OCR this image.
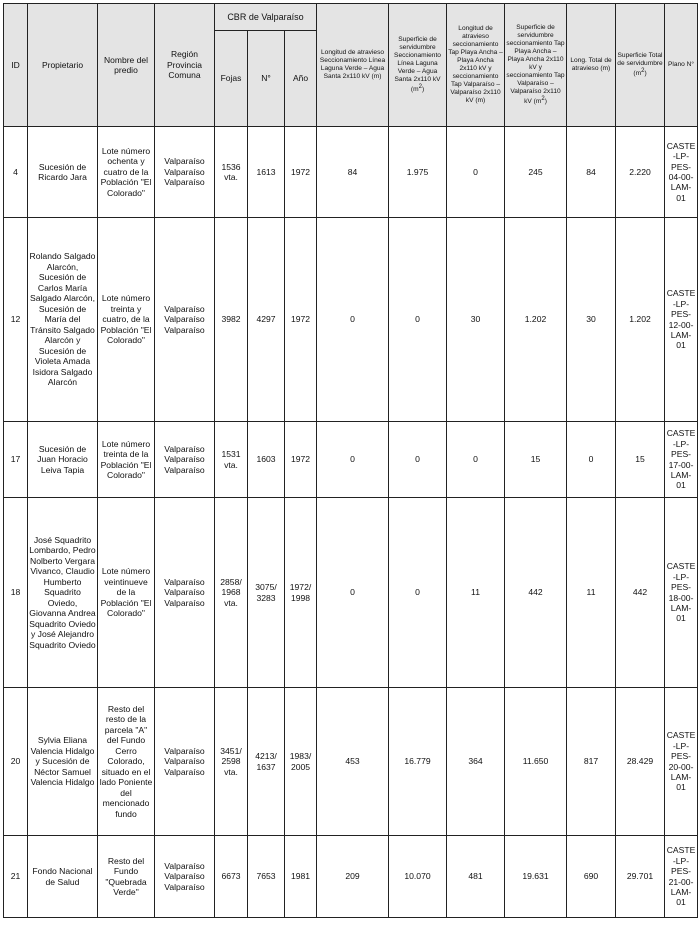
ID	Propietario	Nombre del predio	Región Provincia Comuna	CBR de Valparaíso			Longitud de atravieso Seccionamiento Línea Laguna Verde – Agua Santa 2x110 kV (m)	Superficie de servidumbre Seccionamiento Línea Laguna Verde – Agua Santa 2x110 kV (m2)	Longitud de atravieso seccionamiento Tap Playa Ancha – Playa Ancha 2x110 kV y seccionamiento Tap Valparaíso – Valparaíso 2x110 kV (m)	Superficie de servidumbre seccionamiento Tap Playa Ancha – Playa Ancha 2x110 kV y seccionamiento Tap Valparaíso – Valparaíso 2x110 kV (m2)	Long. Total de atravieso (m)	Superficie Total de servidumbre (m2)	Plano N°
				Fojas	N°	Año							
4	Sucesión de Ricardo Jara	Lote número ochenta y cuatro de la Población "El Colorado"	Valparaíso Valparaíso Valparaíso	1536 vta.	1613	1972	84	1.975	0	245	84	2.220	CASTE-LP-PES-04-00-LAM-01
12	Rolando Salgado Alarcón, Sucesión de Carlos María Salgado Alarcón, Sucesión de María del Tránsito Salgado Alarcón y Sucesión de Violeta Amada Isidora Salgado Alarcón	Lote número treinta y cuatro, de la Población "El Colorado"	Valparaíso Valparaíso Valparaíso	3982	4297	1972	0	0	30	1.202	30	1.202	CASTE-LP-PES-12-00-LAM-01
17	Sucesión de Juan Horacio Leiva Tapia	Lote número treinta de la Población "El Colorado"	Valparaíso Valparaíso Valparaíso	1531 vta.	1603	1972	0	0	0	15	0	15	CASTE-LP-PES-17-00-LAM-01
18	José Squadrito Lombardo, Pedro Nolberto Vergara Vivanco, Claudio Humberto Squadrito Oviedo, Giovanna Andrea Squadrito Oviedo y José Alejandro Squadrito Oviedo	Lote número veintinueve de la Población "El Colorado"	Valparaíso Valparaíso Valparaíso	2858/ 1968 vta.	3075/ 3283	1972/ 1998	0	0	11	442	11	442	CASTE-LP-PES-18-00-LAM-01
20	Sylvia Eliana Valencia Hidalgo y Sucesión de Néctor Samuel Valencia Hidalgo	Resto del resto de la parcela "A" del Fundo Cerro Colorado, situado en el lado Poniente del mencionado fundo	Valparaíso Valparaíso Valparaíso	3451/ 2598 vta.	4213/ 1637	1983/ 2005	453	16.779	364	11.650	817	28.429	CASTE-LP-PES-20-00-LAM-01
21	Fondo Nacional de Salud	Resto del Fundo "Quebrada Verde"	Valparaíso Valparaíso Valparaíso	6673	7653	1981	209	10.070	481	19.631	690	29.701	CASTE-LP-PES-21-00-LAM-01
